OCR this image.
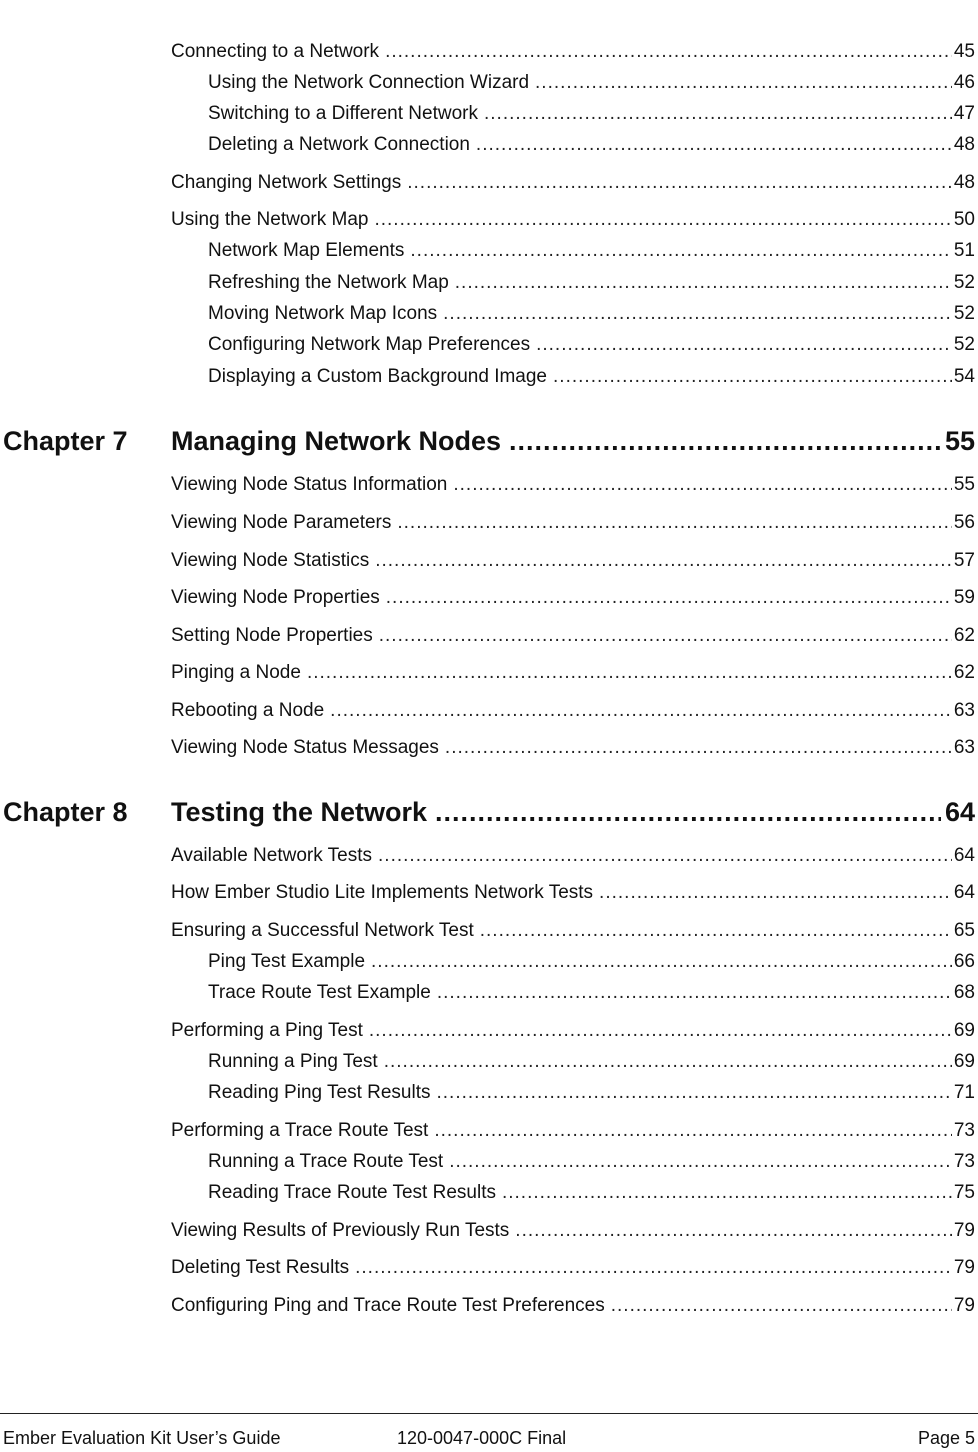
Connecting to a Network .....	45
Using the Network Connection Wizard .....	46
Switching to a Different Network .....	47
Deleting a Network Connection .....	48
Changing Network Settings .....	48
Using the Network Map .....	50
Network Map Elements .....	51
Refreshing the Network Map .....	52
Moving Network Map Icons .....	52
Configuring Network Map Preferences .....	52
Displaying a Custom Background Image .....	54
Chapter 7 Managing Network Nodes .....	55
Viewing Node Status Information .....	55
Viewing Node Parameters .....	56
Viewing Node Statistics .....	57
Viewing Node Properties .....	59
Setting Node Properties .....	62
Pinging a Node .....	62
Rebooting a Node .....	63
Viewing Node Status Messages .....	63
Chapter 8 Testing the Network .....	64
Available Network Tests .....	64
How Ember Studio Lite Implements Network Tests .....	64
Ensuring a Successful Network Test .....	65
Ping Test Example .....	66
Trace Route Test Example .....	68
Performing a Ping Test .....	69
Running a Ping Test .....	69
Reading Ping Test Results .....	71
Performing a Trace Route Test .....	73
Running a Trace Route Test .....	73
Reading Trace Route Test Results .....	75
Viewing Results of Previously Run Tests .....	79
Deleting Test Results .....	79
Configuring Ping and Trace Route Test Preferences .....	79
Ember Evaluation Kit User’s Guide	120-0047-000C Final	Page 5
